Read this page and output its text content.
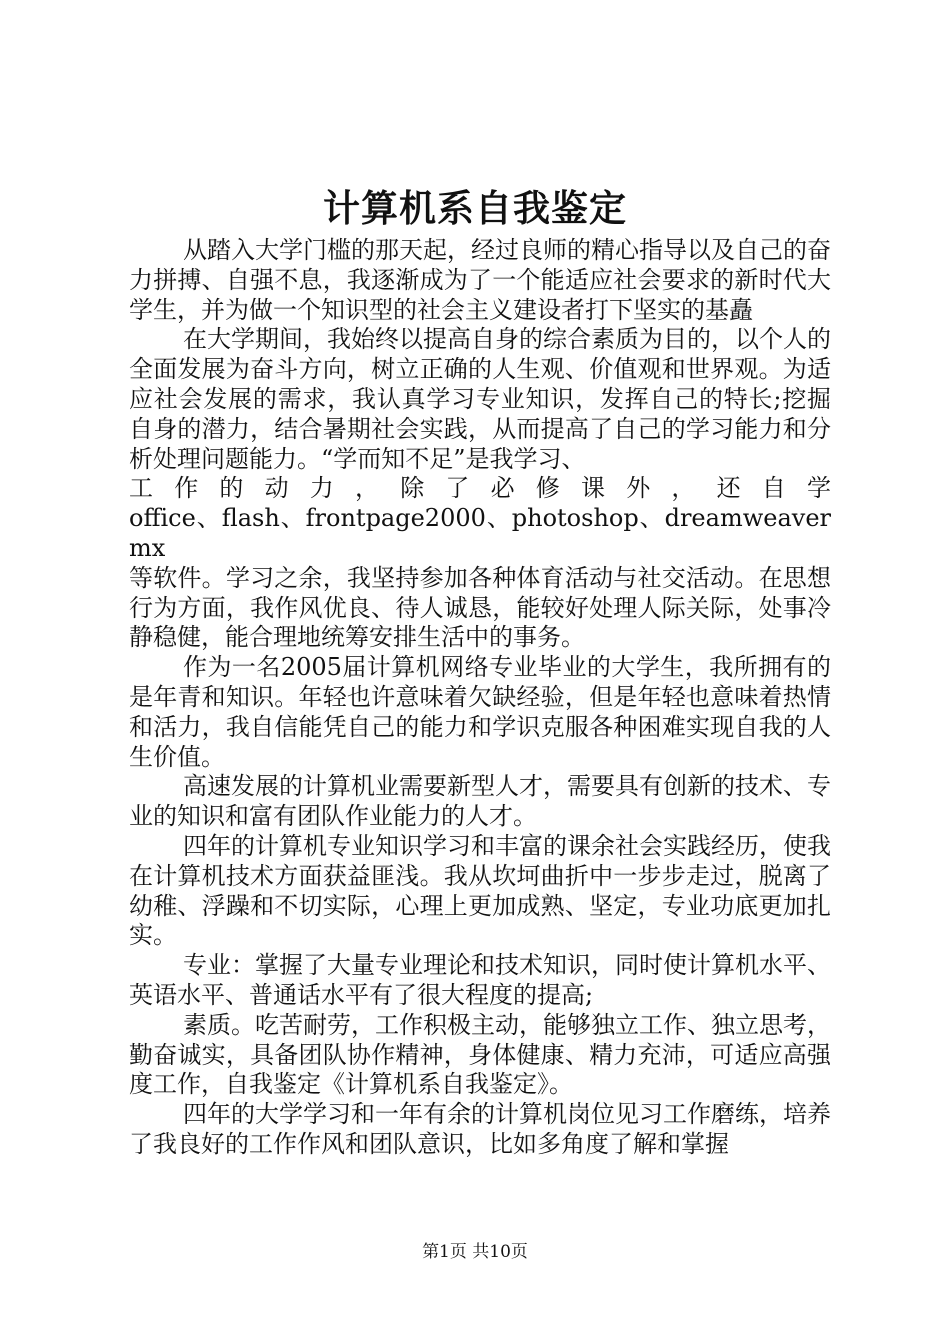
计算机系自我鉴定

从踏入大学门槛的那天起，经过良师的精心指导以及自己的奋力拼搏、自强不息，我逐渐成为了一个能适应社会要求的新时代大学生，并为做一个知识型的社会主义建设者打下坚实的基矗

在大学期间，我始终以提高自身的综合素质为目的，以个人的全面发展为奋斗方向，树立正确的人生观、价值观和世界观。为适应社会发展的需求，我认真学习专业知识，发挥自己的特长;挖掘自身的潜力，结合暑期社会实践，从而提高了自己的学习能力和分析处理问题能力。“学而知不足”是我学习、
工作的动力，除了必修课外，还自学
office、flash、frontpage2000、photoshop、dreamweavermx
等软件。学习之余，我坚持参加各种体育活动与社交活动。在思想行为方面，我作风优良、待人诚恳，能较好处理人际关际，处事冷静稳健，能合理地统筹安排生活中的事务。

作为一名2005届计算机网络专业毕业的大学生，我所拥有的是年青和知识。年轻也许意味着欠缺经验，但是年轻也意味着热情和活力，我自信能凭自己的能力和学识克服各种困难实现自我的人生价值。

高速发展的计算机业需要新型人才，需要具有创新的技术、专业的知识和富有团队作业能力的人才。

四年的计算机专业知识学习和丰富的课余社会实践经历，使我在计算机技术方面获益匪浅。我从坎坷曲折中一步步走过，脱离了幼稚、浮躁和不切实际，心理上更加成熟、坚定，专业功底更加扎实。

专业：掌握了大量专业理论和技术知识，同时使计算机水平、英语水平、普通话水平有了很大程度的提高;

素质。吃苦耐劳，工作积极主动，能够独立工作、独立思考，勤奋诚实，具备团队协作精神，身体健康、精力充沛，可适应高强度工作，自我鉴定《计算机系自我鉴定》。

四年的大学学习和一年有余的计算机岗位见习工作磨练，培养了我良好的工作作风和团队意识，比如多角度了解和掌握

第1页 共10页
